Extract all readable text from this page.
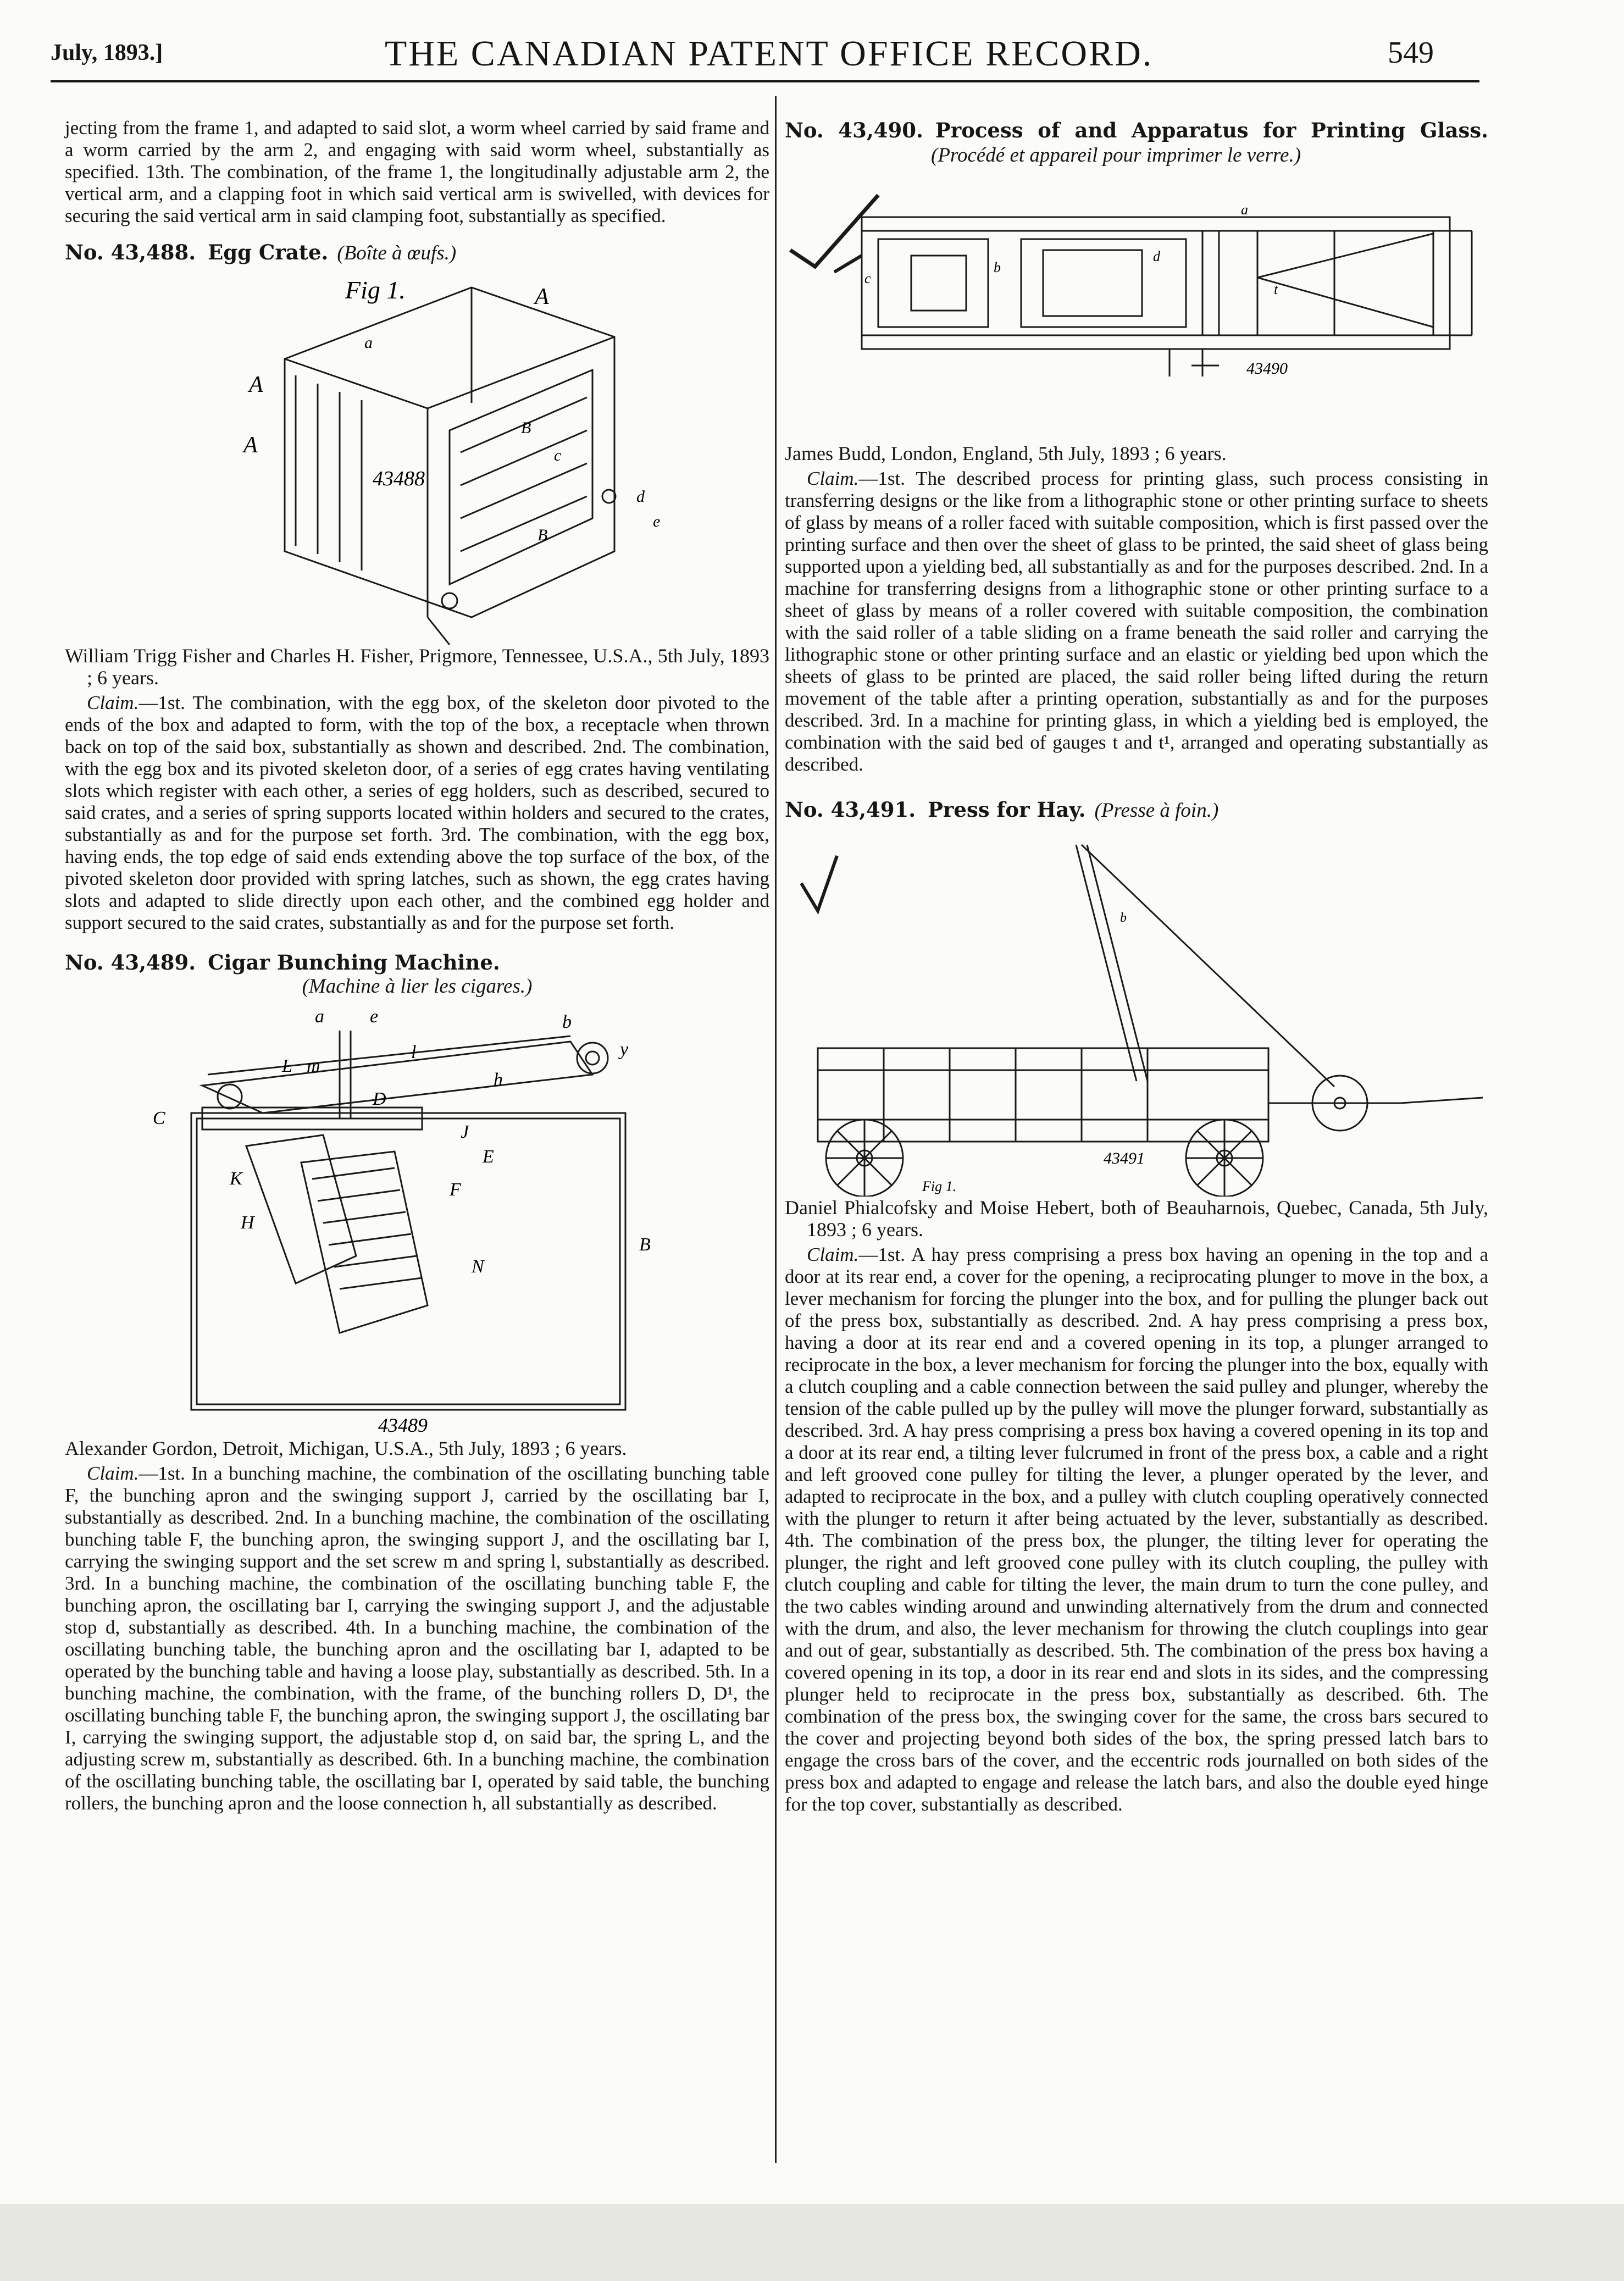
July, 1893.]	THE CANADIAN PATENT OFFICE RECORD.	549

jecting from the frame 1, and adapted to said slot, a worm wheel carried by said frame and a worm carried by the arm 2, and engaging with said worm wheel, substantially as specified. 13th. The combination, of the frame 1, the longitudinally adjustable arm 2, the vertical arm, and a clapping foot in which said vertical arm is swivelled, with devices for securing the said vertical arm in said clamping foot, substantially as specified.

No. 43,488. Egg Crate. (Boîte à œufs.)

Fig 1.
43488
A
A
A
a
B
c
B
d
e

William Trigg Fisher and Charles H. Fisher, Prigmore, Tennessee, U.S.A., 5th July, 1893 ; 6 years.

Claim.—1st. The combination, with the egg box, of the skeleton door pivoted to the ends of the box and adapted to form, with the top of the box, a receptacle when thrown back on top of the said box, substantially as shown and described. 2nd. The combination, with the egg box and its pivoted skeleton door, of a series of egg crates having ventilating slots which register with each other, a series of egg holders, such as described, secured to said crates, and a series of spring supports located within holders and secured to the crates, substantially as and for the purpose set forth. 3rd. The combination, with the egg box, having ends, the top edge of said ends extending above the top surface of the box, of the pivoted skeleton door provided with spring latches, such as shown, the egg crates having slots and adapted to slide directly upon each other, and the combined egg holder and support secured to the said crates, substantially as and for the purpose set forth.

No. 43,489. Cigar Bunching Machine.

(Machine à lier les cigares.)

L m
l
a e	b
y
h
D
J
E
C
K
H
F
N
B
43489

Alexander Gordon, Detroit, Michigan, U.S.A., 5th July, 1893 ; 6 years.

Claim.—1st. In a bunching machine, the combination of the oscillating bunching table F, the bunching apron and the swinging support J, carried by the oscillating bar I, substantially as described. 2nd. In a bunching machine, the combination of the oscillating bunching table F, the bunching apron, the swinging support J, and the oscillating bar I, carrying the swinging support and the set screw m and spring l, substantially as described. 3rd. In a bunching machine, the combination of the oscillating bunching table F, the bunching apron, the oscillating bar I, carrying the swinging support J, and the adjustable stop d, substantially as described. 4th. In a bunching machine, the combination of the oscillating bunching table, the bunching apron and the oscillating bar I, adapted to be operated by the bunching table and having a loose play, substantially as described. 5th. In a bunching machine, the combination, with the frame, of the bunching rollers D, D¹, the oscillating bunching table F, the bunching apron, the swinging support J, the oscillating bar I, carrying the swinging support, the adjustable stop d, on said bar, the spring L, and the adjusting screw m, substantially as described. 6th. In a bunching machine, the combination of the oscillating bunching table, the oscillating bar I, operated by said table, the bunching rollers, the bunching apron and the loose connection h, all substantially as described.

No. 43,490. Process of and Apparatus for Printing Glass.(Procédé et appareil pour imprimer le verre.)

a
b
c
d
t
43490

James Budd, London, England, 5th July, 1893 ; 6 years.

Claim.—1st. The described process for printing glass, such process consisting in transferring designs or the like from a lithographic stone or other printing surface to sheets of glass by means of a roller faced with suitable composition, which is first passed over the printing surface and then over the sheet of glass to be printed, the said sheet of glass being supported upon a yielding bed, all substantially as and for the purposes described. 2nd. In a machine for transferring designs from a lithographic stone or other printing surface to a sheet of glass by means of a roller covered with suitable composition, the combination with the said roller of a table sliding on a frame beneath the said roller and carrying the lithographic stone or other printing surface and an elastic or yielding bed upon which the sheets of glass to be printed are placed, the said roller being lifted during the return movement of the table after a printing operation, substantially as and for the purposes described. 3rd. In a machine for printing glass, in which a yielding bed is employed, the combination with the said bed of gauges t and t¹, arranged and operating substantially as described.

No. 43,491. Press for Hay. (Presse à foin.)

b
43491
Fig 1.

Daniel Phialcofsky and Moise Hebert, both of Beauharnois, Quebec, Canada, 5th July, 1893 ; 6 years.

Claim.—1st. A hay press comprising a press box having an opening in the top and a door at its rear end, a cover for the opening, a reciprocating plunger to move in the box, a lever mechanism for forcing the plunger into the box, and for pulling the plunger back out of the press box, substantially as described. 2nd. A hay press comprising a press box, having a door at its rear end and a covered opening in its top, a plunger arranged to reciprocate in the box, a lever mechanism for forcing the plunger into the box, equally with a clutch coupling and a cable connection between the said pulley and plunger, whereby the tension of the cable pulled up by the pulley will move the plunger forward, substantially as described. 3rd. A hay press comprising a press box having a covered opening in its top and a door at its rear end, a tilting lever fulcrumed in front of the press box, a cable and a right and left grooved cone pulley for tilting the lever, a plunger operated by the lever, and adapted to reciprocate in the box, and a pulley with clutch coupling operatively connected with the plunger to return it after being actuated by the lever, substantially as described. 4th. The combination of the press box, the plunger, the tilting lever for operating the plunger, the right and left grooved cone pulley with its clutch coupling, the pulley with clutch coupling and cable for tilting the lever, the main drum to turn the cone pulley, and the two cables winding around and unwinding alternatively from the drum and connected with the drum, and also, the lever mechanism for throwing the clutch couplings into gear and out of gear, substantially as described. 5th. The combination of the press box having a covered opening in its top, a door in its rear end and slots in its sides, and the compressing plunger held to reciprocate in the press box, substantially as described. 6th. The combination of the press box, the swinging cover for the same, the cross bars secured to the cover and projecting beyond both sides of the box, the spring pressed latch bars to engage the cross bars of the cover, and the eccentric rods journalled on both sides of the press box and adapted to engage and release the latch bars, and also the double eyed hinge for the top cover, substantially as described.
